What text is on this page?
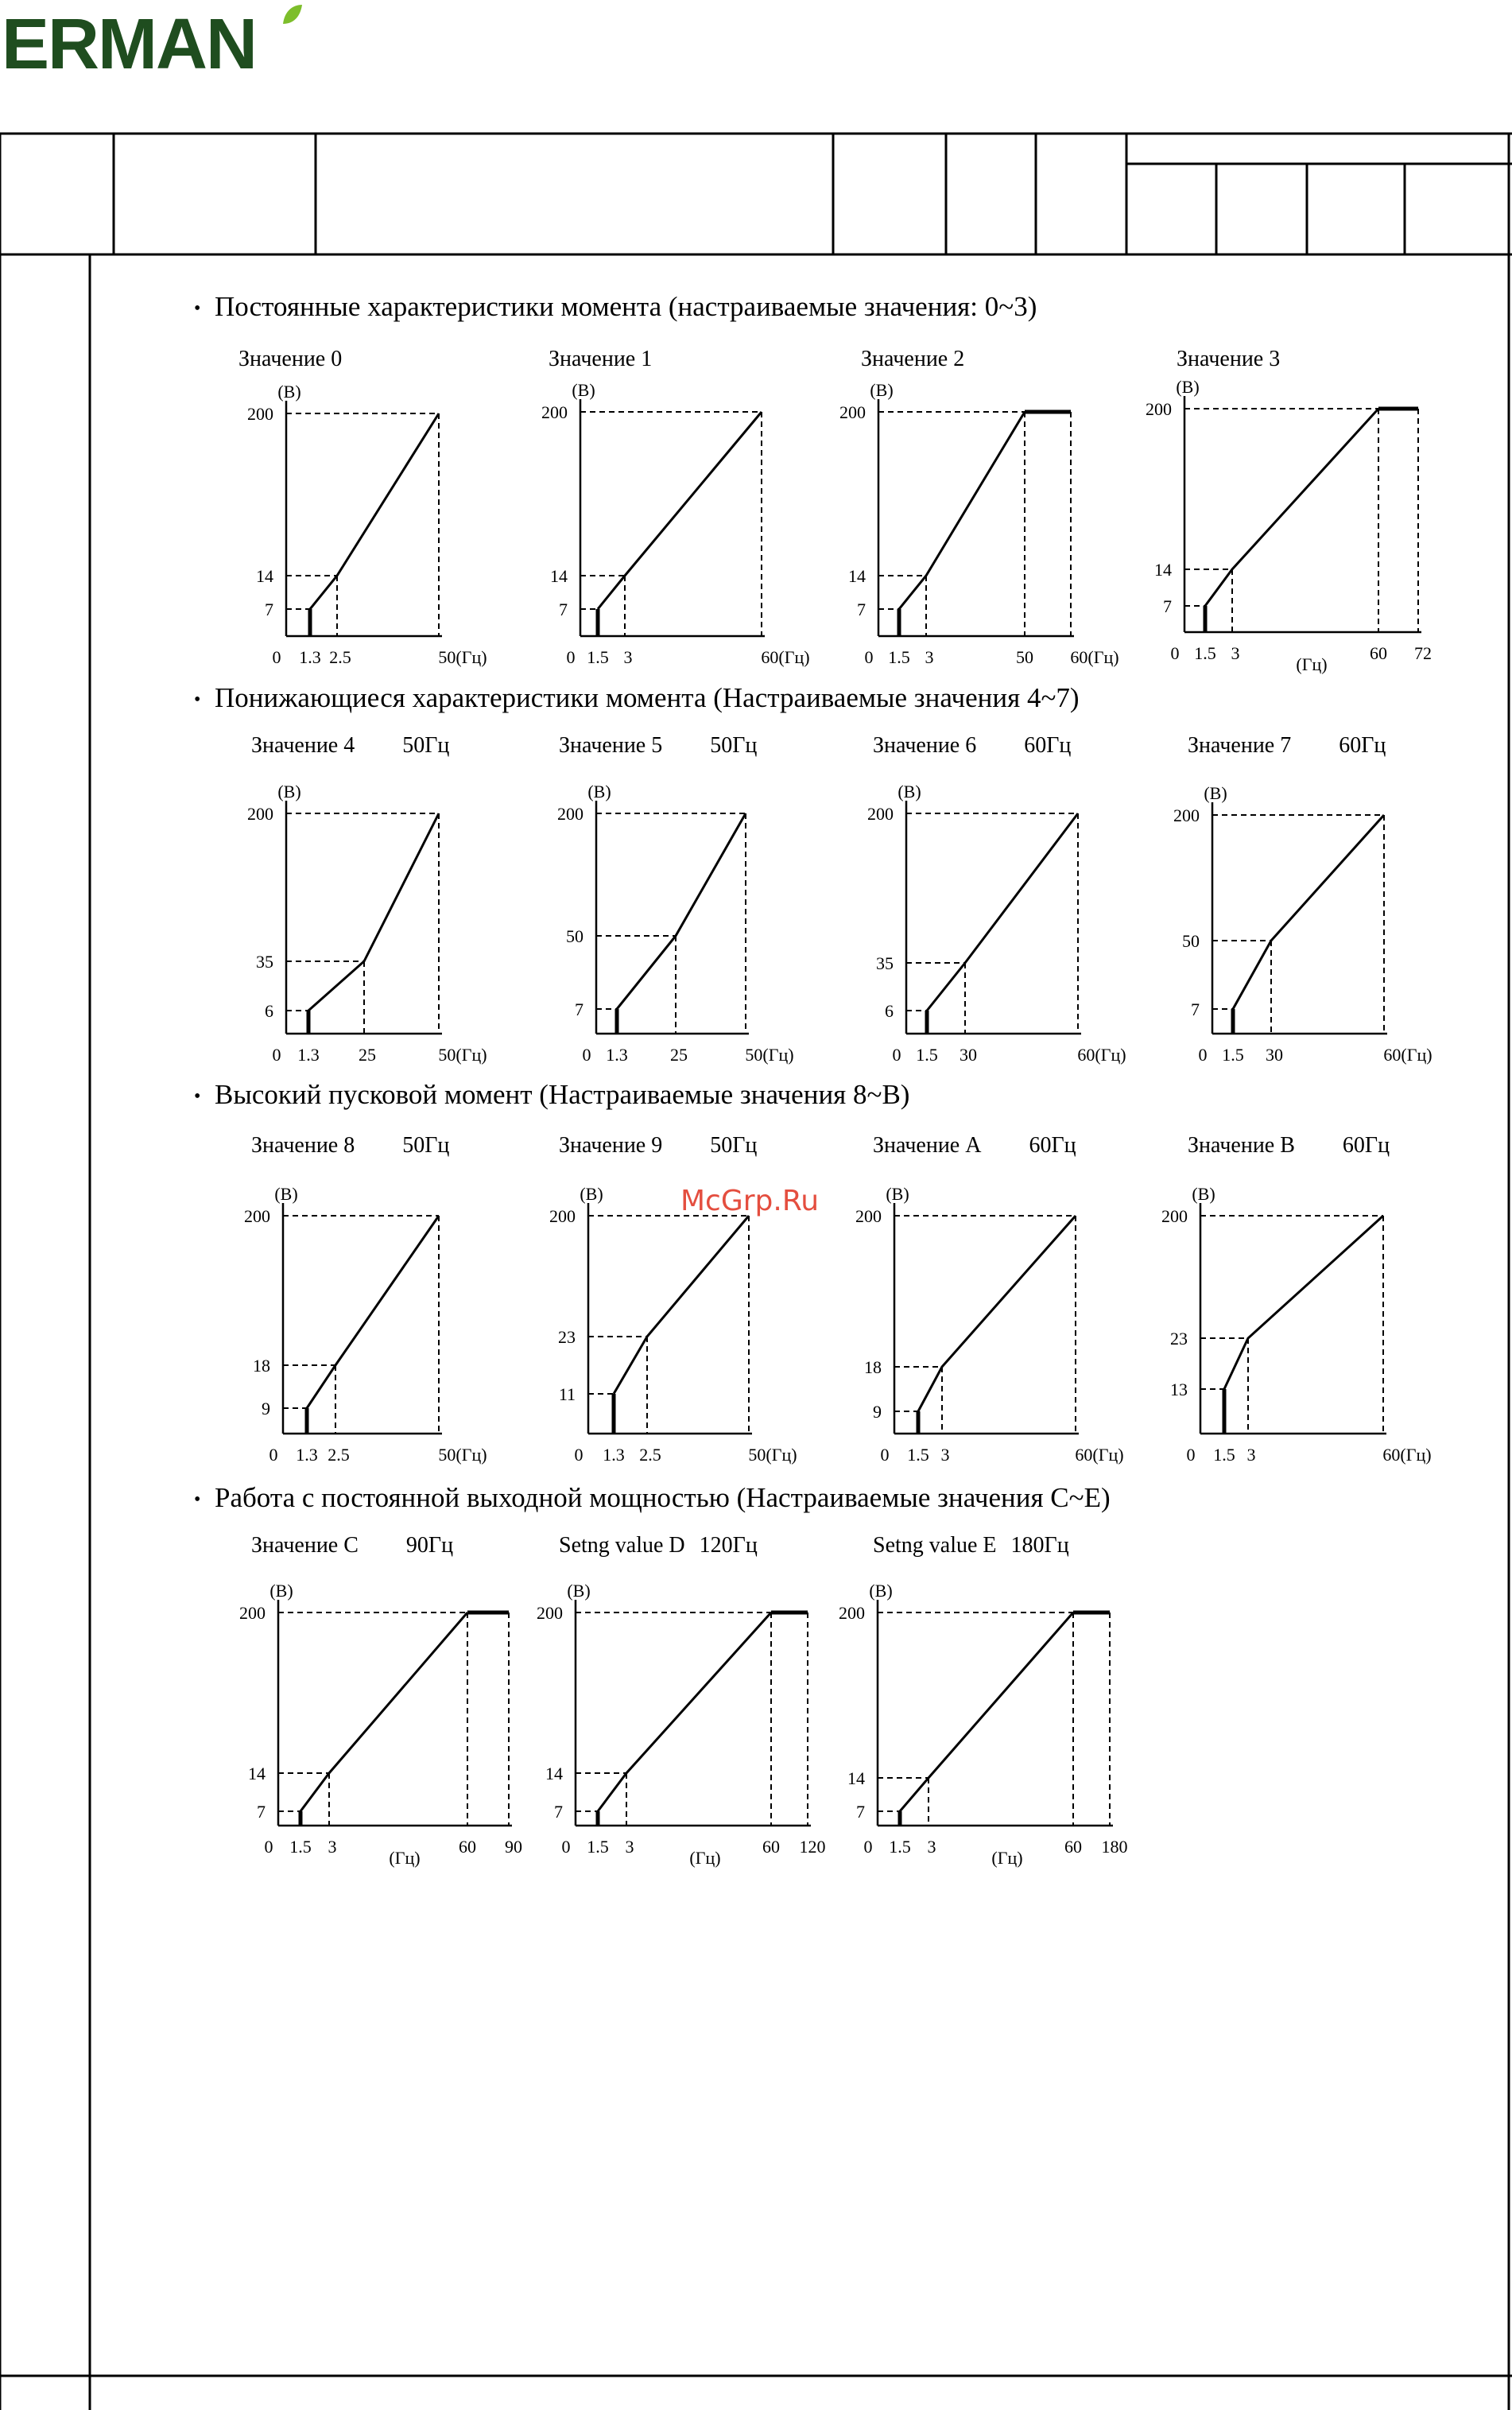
ERMAN
• Постоянные характеристики момента (настраиваемые значения: 0~3)
Значение 0
(В)
200
14
7
0 1.3 2.5	50(Гц)
Значение 1
(В)
200
14
7
0 1.5 3	60(Гц)
Значение 2
(В)
200
14
7
0 1.5 3	50 60(Гц)
Значение 3
(В)
200
14
7
0 1.5 3	60 72
(Гц)
• Понижающиеся характеристики момента (Настраиваемые значения 4~7)
Значение 4 50Гц
(В)
200
35
6
0 1.3 25	50(Гц)
Значение 5 50Гц
(В)
200
50
7
0 1.3 25	50(Гц)
Значение 6 60Гц
(В)
200
35
6
0 1.5 30	60(Гц)
Значение 7 60Гц
(В)
200
50
7
0 1.5 30	60(Гц)
• Высокий пусковой момент (Настраиваемые значения 8~B)
Значение 8 50Гц
(В)
200
18
9
0 1.3 2.5	50(Гц)
Значение 9 50Гц
(В)
200
23
11
0 1.3 2.5	50(Гц)
Значение A 60Гц
(В)
200
18
9
0 1.5 3	60(Гц)
Значение B 60Гц
(В)
200
23
13
0 1.5 3	60(Гц)
• Работа с постоянной выходной мощностью (Настраиваемые значения C~E)
Значение C 90Гц
(В)
200
14
7
0 1.5 3	60 90
(Гц)
Setng value D 120Гц
(В)
200
14
7
0 1.5 3	60 120
(Гц)
Setng value E 180Гц
(В)
200
14
7
0 1.5 3	60 180
(Гц)
McGrp.Ru
